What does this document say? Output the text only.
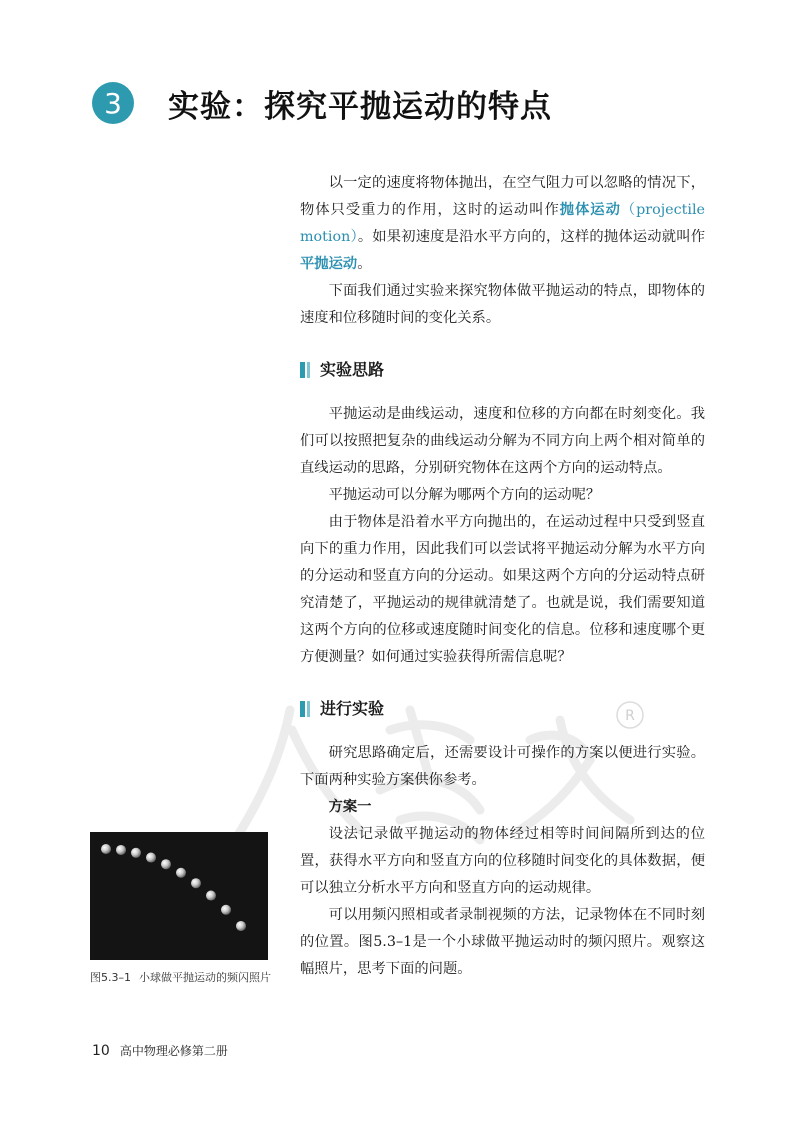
R
3	实验：探究平抛运动的特点

以一定的速度将物体抛出，在空气阻力可以忽略的情况下，物体只受重力的作用，这时的运动叫作抛体运动（projectile motion）。如果初速度是沿水平方向的，这样的抛体运动就叫作平抛运动。

下面我们通过实验来探究物体做平抛运动的特点，即物体的速度和位移随时间的变化关系。

实验思路

平抛运动是曲线运动，速度和位移的方向都在时刻变化。我们可以按照把复杂的曲线运动分解为不同方向上两个相对简单的直线运动的思路，分别研究物体在这两个方向的运动特点。

平抛运动可以分解为哪两个方向的运动呢？

由于物体是沿着水平方向抛出的，在运动过程中只受到竖直向下的重力作用，因此我们可以尝试将平抛运动分解为水平方向的分运动和竖直方向的分运动。如果这两个方向的分运动特点研究清楚了，平抛运动的规律就清楚了。也就是说，我们需要知道这两个方向的位移或速度随时间变化的信息。位移和速度哪个更方便测量？如何通过实验获得所需信息呢？

进行实验

研究思路确定后，还需要设计可操作的方案以便进行实验。下面两种实验方案供你参考。

方案一

设法记录做平抛运动的物体经过相等时间间隔所到达的位置，获得水平方向和竖直方向的位移随时间变化的具体数据，便可以独立分析水平方向和竖直方向的运动规律。

可以用频闪照相或者录制视频的方法，记录物体在不同时刻的位置。图5.3–1是一个小球做平抛运动时的频闪照片。观察这幅照片，思考下面的问题。

图5.3–1 小球做平抛运动的频闪照片
10 高中物理必修第二册
